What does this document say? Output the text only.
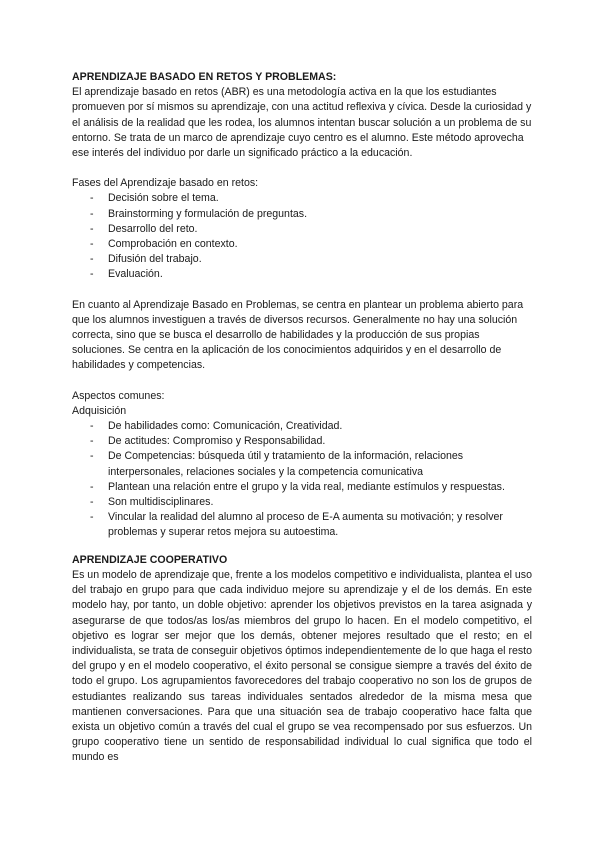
APRENDIZAJE BASADO EN RETOS Y PROBLEMAS:

El aprendizaje basado en retos (ABR) es una metodología activa en la que los estudiantes promueven por sí mismos su aprendizaje, con una actitud reflexiva y cívica. Desde la curiosidad y el análisis de la realidad que les rodea, los alumnos intentan buscar solución a un problema de su entorno. Se trata de un marco de aprendizaje cuyo centro es el alumno. Este método aprovecha ese interés del individuo por darle un significado práctico a la educación.

Fases del Aprendizaje basado en retos:

- Decisión sobre el tema.
- Brainstorming y formulación de preguntas.
- Desarrollo del reto.
- Comprobación en contexto.
- Difusión del trabajo.
- Evaluación.

En cuanto al Aprendizaje Basado en Problemas, se centra en plantear un problema abierto para que los alumnos investiguen a través de diversos recursos. Generalmente no hay una solución correcta, sino que se busca el desarrollo de habilidades y la producción de sus propias soluciones. Se centra en la aplicación de los conocimientos adquiridos y en el desarrollo de habilidades y competencias.

Aspectos comunes:

Adquisición

- De habilidades como: Comunicación, Creatividad.
- De actitudes: Compromiso y Responsabilidad.
- De Competencias: búsqueda útil y tratamiento de la información, relaciones interpersonales, relaciones sociales y la competencia comunicativa
- Plantean una relación entre el grupo y la vida real, mediante estímulos y respuestas.
- Son multidisciplinares.
- Vincular la realidad del alumno al proceso de E-A aumenta su motivación; y resolver problemas y superar retos mejora su autoestima.
APRENDIZAJE COOPERATIVO

Es un modelo de aprendizaje que, frente a los modelos competitivo e individualista, plantea el uso del trabajo en grupo para que cada individuo mejore su aprendizaje y el de los demás. En este modelo hay, por tanto, un doble objetivo: aprender los objetivos previstos en la tarea asignada y asegurarse de que todos/as los/as miembros del grupo lo hacen. En el modelo competitivo, el objetivo es lograr ser mejor que los demás, obtener mejores resultado que el resto; en el individualista, se trata de conseguir objetivos óptimos independientemente de lo que haga el resto del grupo y en el modelo cooperativo, el éxito personal se consigue siempre a través del éxito de todo el grupo. Los agrupamientos favorecedores del trabajo cooperativo no son los de grupos de estudiantes realizando sus tareas individuales sentados alrededor de la misma mesa que mantienen conversaciones. Para que una situación sea de trabajo cooperativo hace falta que exista un objetivo común a través del cual el grupo se vea recompensado por sus esfuerzos. Un grupo cooperativo tiene un sentido de responsabilidad individual lo cual significa que todo el mundo es
